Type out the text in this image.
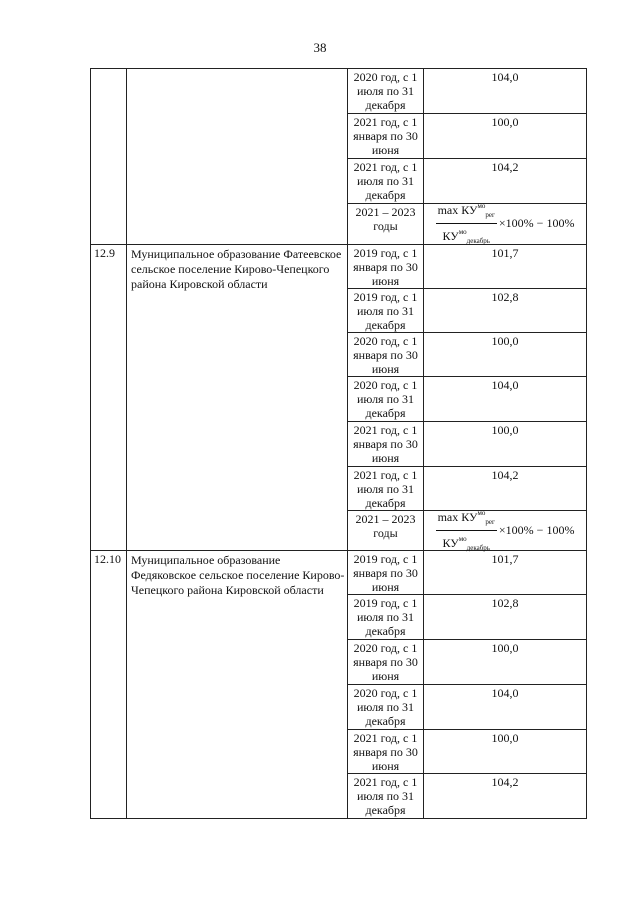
38

		2020 год, с 1 июля по 31 декабря	104,0

		2021 год, с 1 января по 30 июня	100,0

		2021 год, с 1 июля по 31 декабря	104,2

		2021 – 2023 годы	$\frac{\max КУ^{мо}_{рег}}{КУ^{мо}_{декабрь}} \times 100\% - 100\%$

12.9	Муниципальное образование Фатеевское сельское поселение Кирово-Чепецкого района Кировской области	2019 год, с 1 января по 30 июня	101,7

		2019 год, с 1 июля по 31 декабря	102,8

		2020 год, с 1 января по 30 июня	100,0

		2020 год, с 1 июля по 31 декабря	104,0

		2021 год, с 1 января по 30 июня	100,0

		2021 год, с 1 июля по 31 декабря	104,2

		2021 – 2023 годы	$\frac{\max КУ^{мо}_{рег}}{КУ^{мо}_{декабрь}} \times 100\% - 100\%$

12.10	Муниципальное образование Федяковское сельское поселение Кирово-Чепецкого района Кировской области	2019 год, с 1 января по 30 июня	101,7

		2019 год, с 1 июля по 31 декабря	102,8

		2020 год, с 1 января по 30 июня	100,0

		2020 год, с 1 июля по 31 декабря	104,0

		2021 год, с 1 января по 30 июня	100,0

		2021 год, с 1 июля по 31 декабря	104,2
